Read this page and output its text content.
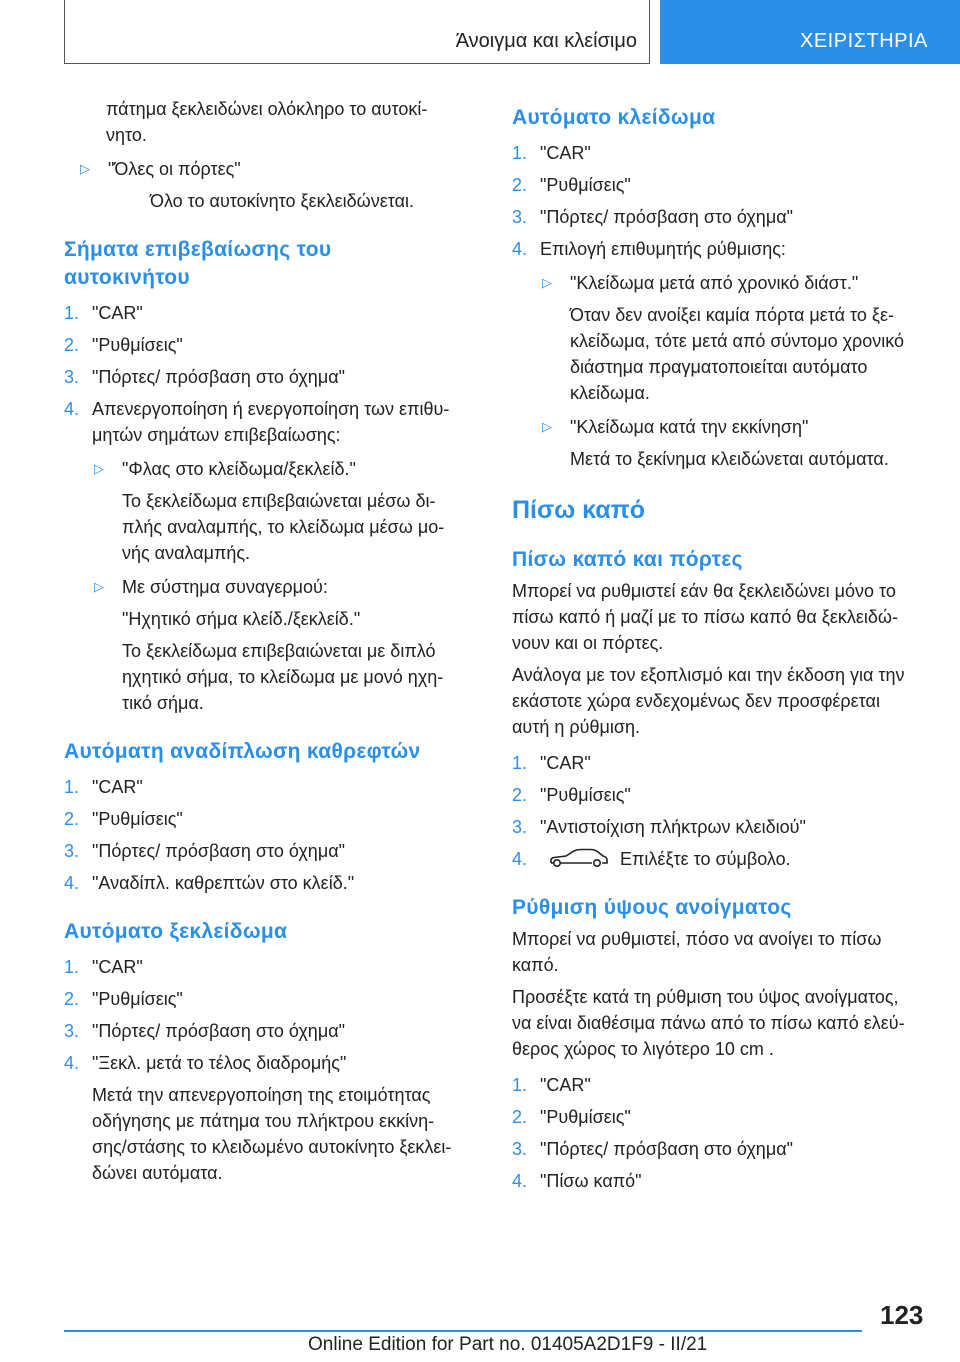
Άνοιγμα και κλείσιμο	ΧΕΙΡΙΣΤΗΡΙΑ
πάτημα ξεκλειδώνει ολόκληρο το αυτοκί-
νητο.
▷	"Όλες οι πόρτες"
Όλο το αυτοκίνητο ξεκλειδώνεται.
Σήματα επιβεβαίωσης του
αυτοκινήτου
1. "CAR"
2. "Ρυθμίσεις"
3. "Πόρτες/ πρόσβαση στο όχημα"
4. Απενεργοποίηση ή ενεργοποίηση των επιθυ-
μητών σημάτων επιβεβαίωσης:
▷	"Φλας στο κλείδωμα/ξεκλείδ."
Το ξεκλείδωμα επιβεβαιώνεται μέσω δι-
πλής αναλαμπής, το κλείδωμα μέσω μο-
νής αναλαμπής.
▷	Με σύστημα συναγερμού:
"Ηχητικό σήμα κλείδ./ξεκλείδ."
Το ξεκλείδωμα επιβεβαιώνεται με διπλό
ηχητικό σήμα, το κλείδωμα με μονό ηχη-
τικό σήμα.
Αυτόματη αναδίπλωση καθρεφτών
1. "CAR"
2. "Ρυθμίσεις"
3. "Πόρτες/ πρόσβαση στο όχημα"
4. "Αναδίπλ. καθρεπτών στο κλείδ."
Αυτόματο ξεκλείδωμα
1. "CAR"
2. "Ρυθμίσεις"
3. "Πόρτες/ πρόσβαση στο όχημα"
4. "Ξεκλ. μετά το τέλος διαδρομής"
Μετά την απενεργοποίηση της ετοιμότητας
οδήγησης με πάτημα του πλήκτρου εκκίνη-
σης/στάσης το κλειδωμένο αυτοκίνητο ξεκλει-
δώνει αυτόματα.
Αυτόματο κλείδωμα
1. "CAR"
2. "Ρυθμίσεις"
3. "Πόρτες/ πρόσβαση στο όχημα"
4. Επιλογή επιθυμητής ρύθμισης:
▷	"Κλείδωμα μετά από χρονικό διάστ."
Όταν δεν ανοίξει καμία πόρτα μετά το ξε-
κλείδωμα, τότε μετά από σύντομο χρονικό
διάστημα πραγματοποιείται αυτόματο
κλείδωμα.
▷	"Κλείδωμα κατά την εκκίνηση"
Μετά το ξεκίνημα κλειδώνεται αυτόματα.
Πίσω καπό
Πίσω καπό και πόρτες
Μπορεί να ρυθμιστεί εάν θα ξεκλειδώνει μόνο το
πίσω καπό ή μαζί με το πίσω καπό θα ξεκλειδώ-
νουν και οι πόρτες.
Ανάλογα με τον εξοπλισμό και την έκδοση για την
εκάστοτε χώρα ενδεχομένως δεν προσφέρεται
αυτή η ρύθμιση.
1. "CAR"
2. "Ρυθμίσεις"
3. "Αντιστοίχιση πλήκτρων κλειδιού"
4.	Επιλέξτε το σύμβολο.
Ρύθμιση ύψους ανοίγματος
Μπορεί να ρυθμιστεί, πόσο να ανοίγει το πίσω
καπό.
Προσέξτε κατά τη ρύθμιση του ύψος ανοίγματος,
να είναι διαθέσιμα πάνω από το πίσω καπό ελεύ-
θερος χώρος το λιγότερο 10 cm .
1. "CAR"
2. "Ρυθμίσεις"
3. "Πόρτες/ πρόσβαση στο όχημα"
4. "Πίσω καπό"
123
Online Edition for Part no. 01405A2D1F9 - II/21
